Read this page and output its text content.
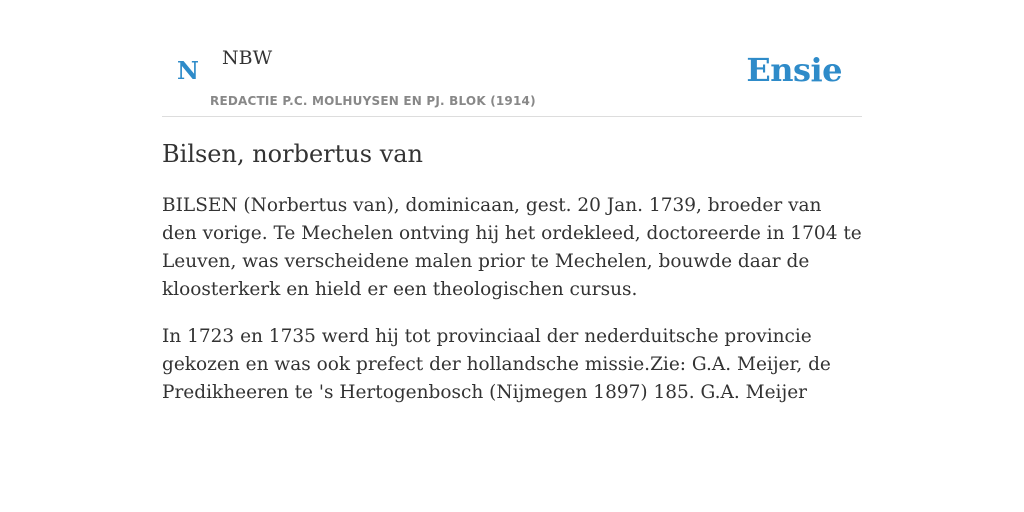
N NBW
REDACTIE P.C. MOLHUYSEN EN PJ. BLOK (1914)
Ensie
Bilsen, norbertus van

BILSEN (Norbertus van), dominicaan, gest. 20 Jan. 1739, broeder van den vorige. Te Mechelen ontving hij het ordekleed, doctoreerde in 1704 te Leuven, was verscheidene malen prior te Mechelen, bouwde daar de kloosterkerk en hield er een theologischen cursus.

In 1723 en 1735 werd hij tot provinciaal der nederduitsche provincie gekozen en was ook prefect der hollandsche missie.Zie: G.A. Meijer, de Predikheeren te 's Hertogenbosch (Nijmegen 1897) 185. G.A. Meijer
